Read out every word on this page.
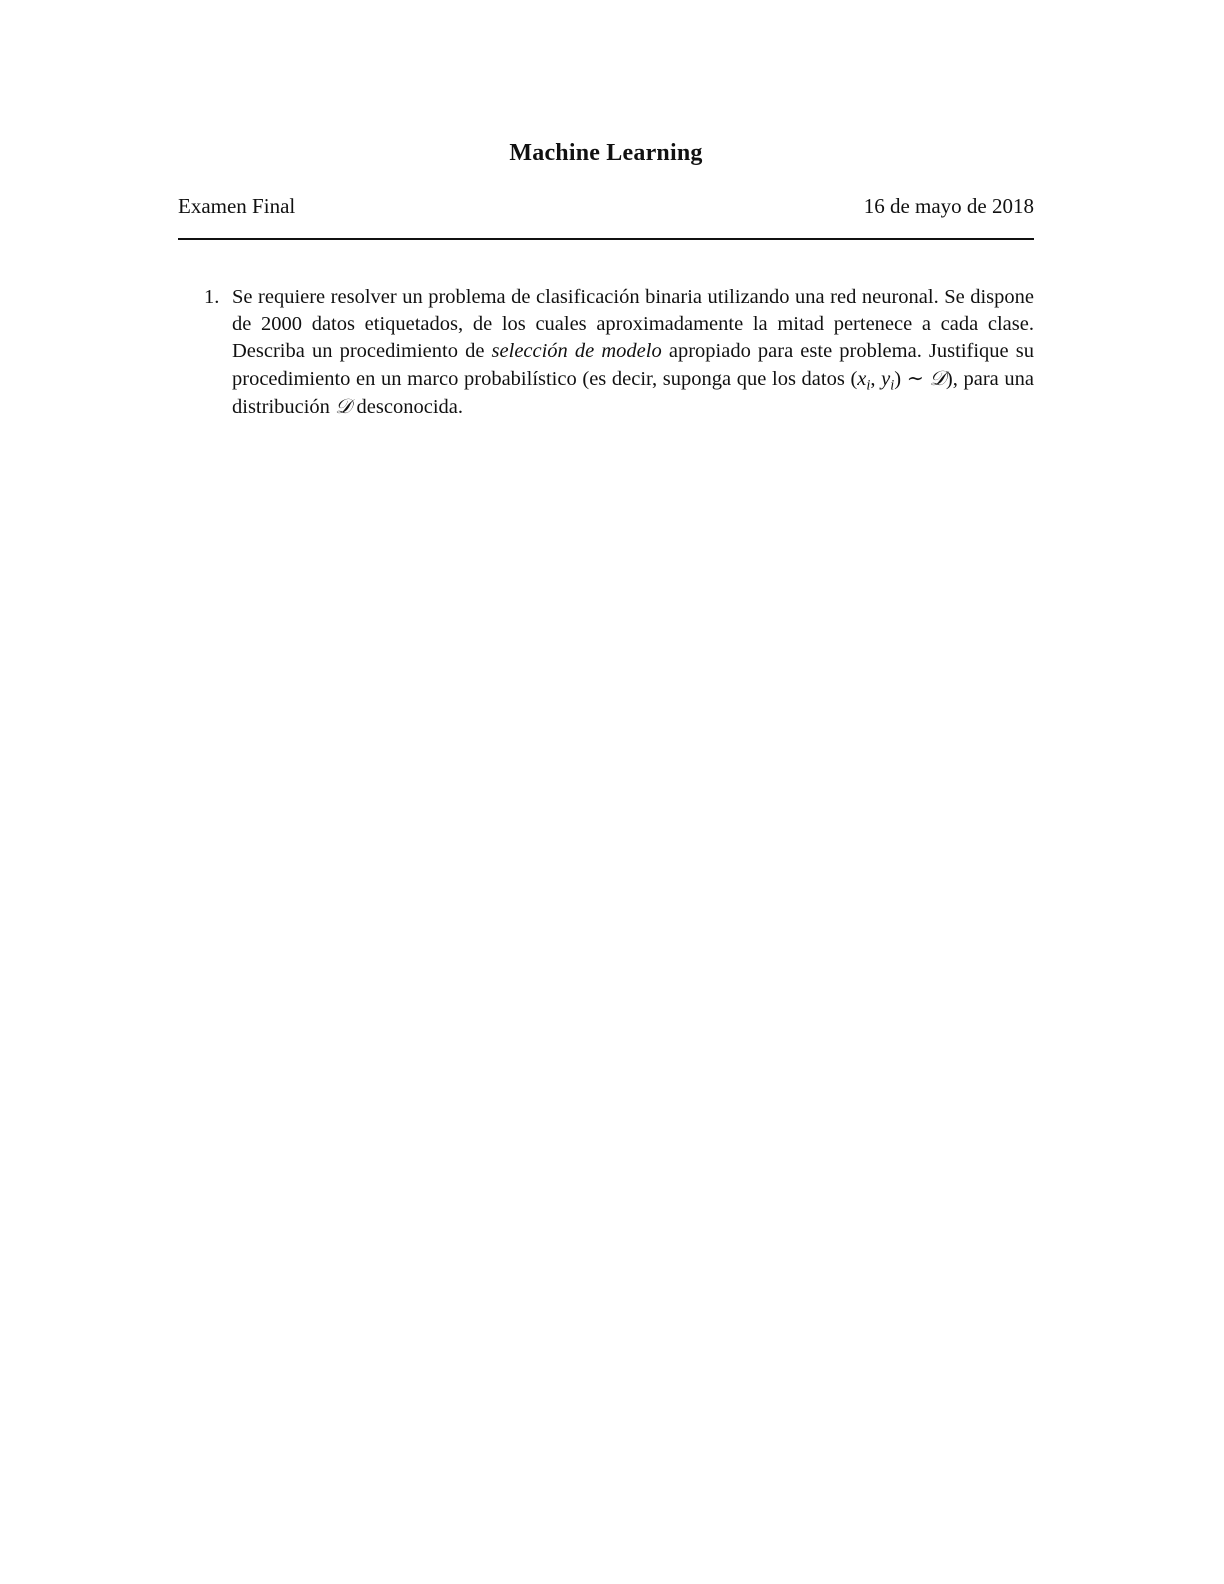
Machine Learning
Examen Final	16 de mayo de 2018
1. Se requiere resolver un problema de clasificación binaria utilizando una red neuronal. Se dispone de 2000 datos etiquetados, de los cuales aproximadamente la mitad pertenece a cada clase. Describa un procedimiento de selección de modelo apropiado para este problema. Justifique su procedimiento en un marco probabilístico (es decir, suponga que los datos ($x_i$, $y_i$) ∼ 𝒟), para una distribución 𝒟 desconocida.
